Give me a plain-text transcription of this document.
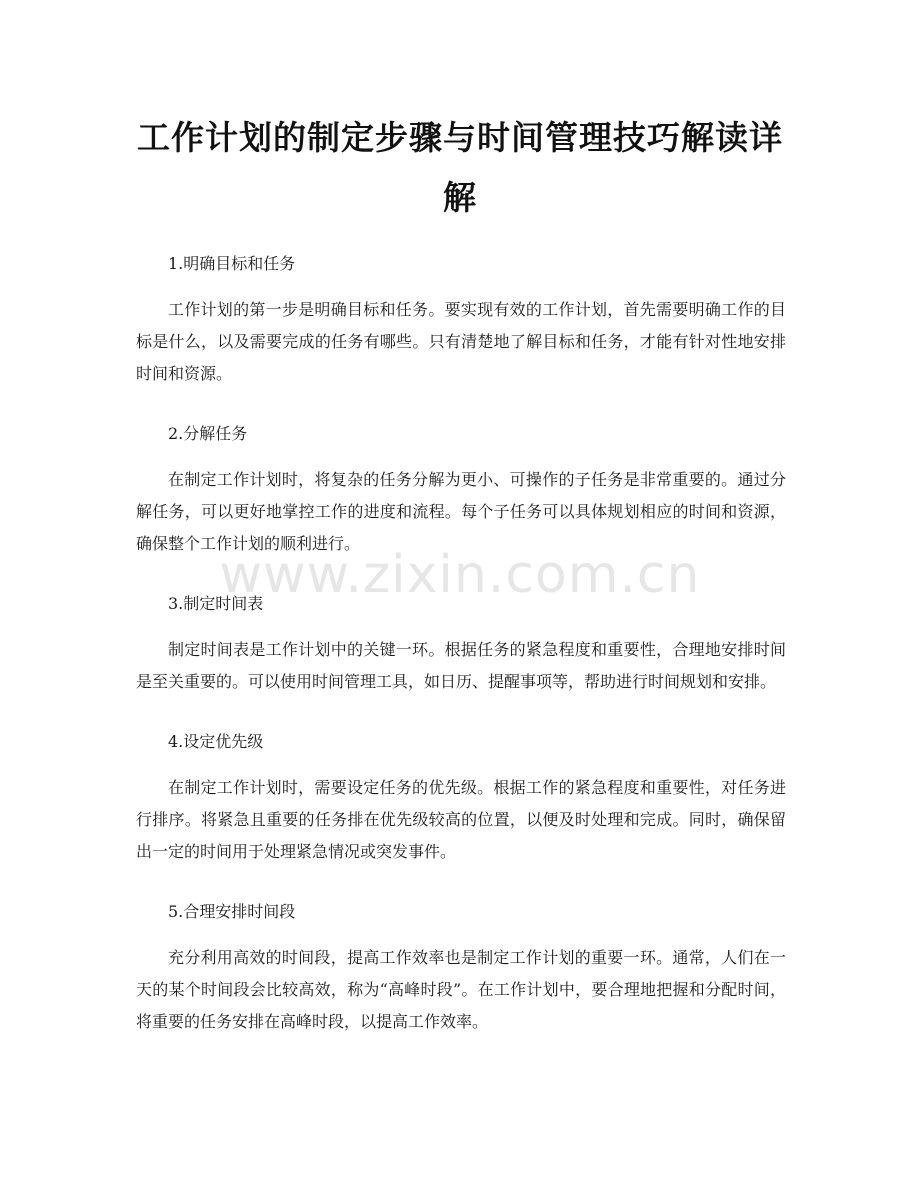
工作计划的制定步骤与时间管理技巧解读详解

1.明确目标和任务

工作计划的第一步是明确目标和任务。要实现有效的工作计划，首先需要明确工作的目标是什么，以及需要完成的任务有哪些。只有清楚地了解目标和任务，才能有针对性地安排时间和资源。

2.分解任务

在制定工作计划时，将复杂的任务分解为更小、可操作的子任务是非常重要的。通过分解任务，可以更好地掌控工作的进度和流程。每个子任务可以具体规划相应的时间和资源，确保整个工作计划的顺利进行。

3.制定时间表

制定时间表是工作计划中的关键一环。根据任务的紧急程度和重要性，合理地安排时间是至关重要的。可以使用时间管理工具，如日历、提醒事项等，帮助进行时间规划和安排。

4.设定优先级

在制定工作计划时，需要设定任务的优先级。根据工作的紧急程度和重要性，对任务进行排序。将紧急且重要的任务排在优先级较高的位置，以便及时处理和完成。同时，确保留出一定的时间用于处理紧急情况或突发事件。

5.合理安排时间段

充分利用高效的时间段，提高工作效率也是制定工作计划的重要一环。通常，人们在一天的某个时间段会比较高效，称为“高峰时段”。在工作计划中，要合理地把握和分配时间，将重要的任务安排在高峰时段，以提高工作效率。

www.zixin.com.cn
